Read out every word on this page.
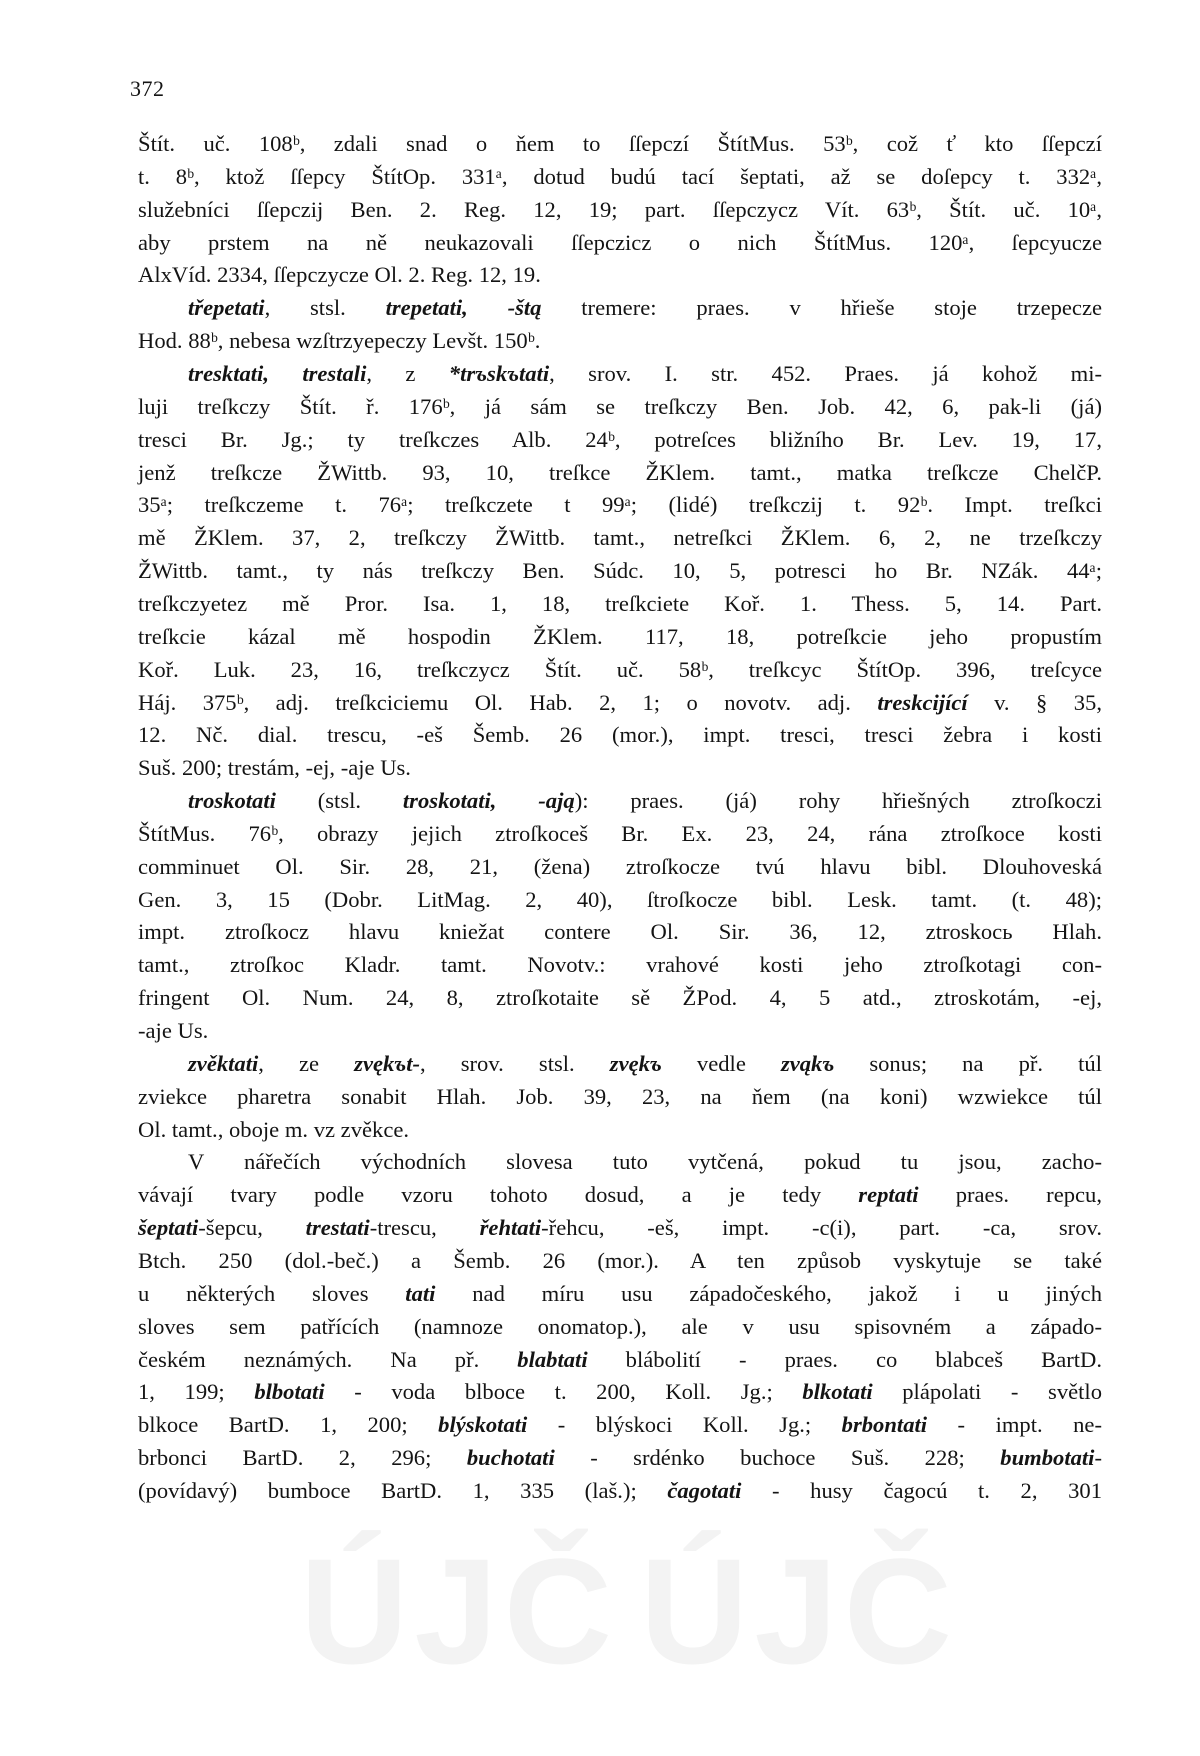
372
ÚJČ ÚJČ
Štít. uč. 108ᵇ, zdali snad o ňem to ſſepczí ŠtítMus. 53ᵇ, což ť kto ſſepczí
t. 8ᵇ, ktož ſſepcy ŠtítOp. 331ᵃ, dotud budú tací šeptati, až se doſepcy t. 332ᵃ,
služebníci ſſepczij Ben. 2. Reg. 12, 19; part. ſſepczycz Vít. 63ᵇ, Štít. uč. 10ᵃ,
aby prstem na ně neukazovali ſſepczicz o nich ŠtítMus. 120ᵃ, ſepcyucze
AlxVíd. 2334, ſſepczycze Ol. 2. Reg. 12, 19.
třepetati, stsl. trepetati, -štą tremere: praes. v hřieše stoje trzepecze
Hod. 88ᵇ, nebesa wzſtrzyepeczy Levšt. 150ᵇ.
tresktati, trestali, z *trъskъtati, srov. I. str. 452. Praes. já kohož mi-
luji treſkczy Štít. ř. 176ᵇ, já sám se treſkczy Ben. Job. 42, 6, pak-li (já)
tresci Br. Jg.; ty treſkczes Alb. 24ᵇ, potreſces bližního Br. Lev. 19, 17,
jenž treſkcze ŽWittb. 93, 10, treſkce ŽKlem. tamt., matka treſkcze ChelčP.
35ᵃ; treſkczeme t. 76ᵃ; treſkczete t 99ᵃ; (lidé) treſkczij t. 92ᵇ. Impt. treſkci
mě ŽKlem. 37, 2, treſkczy ŽWittb. tamt., netreſkci ŽKlem. 6, 2, ne trzeſkczy
ŽWittb. tamt., ty nás treſkczy Ben. Súdc. 10, 5, potresci ho Br. NZák. 44ᵃ;
treſkczyetez mě Pror. Isa. 1, 18, treſkciete Koř. 1. Thess. 5, 14. Part.
treſkcie kázal mě hospodin ŽKlem. 117, 18, potreſkcie jeho propustím
Koř. Luk. 23, 16, treſkczycz Štít. uč. 58ᵇ, treſkcyc ŠtítOp. 396, treſcyce
Háj. 375ᵇ, adj. treſkciciemu Ol. Hab. 2, 1; o novotv. adj. treskcijící v. § 35,
12. Nč. dial. trescu, -eš Šemb. 26 (mor.), impt. tresci, tresci žebra i kosti
Suš. 200; trestám, -ej, -aje Us.
troskotati (stsl. troskotati, -ają): praes. (já) rohy hřiešných ztroſkoczi
ŠtítMus. 76ᵇ, obrazy jejich ztroſkoceš Br. Ex. 23, 24, rána ztroſkoce kosti
comminuet Ol. Sir. 28, 21, (žena) ztroſkocze tvú hlavu bibl. Dlouhoveská
Gen. 3, 15 (Dobr. LitMag. 2, 40), ſtroſkocze bibl. Lesk. tamt. (t. 48);
impt. ztroſkocz hlavu kniežat contere Ol. Sir. 36, 12, ztroskocь Hlah.
tamt., ztroſkoc Kladr. tamt. Novotv.: vrahové kosti jeho ztroſkotagi con-
fringent Ol. Num. 24, 8, ztroſkotaite sě ŽPod. 4, 5 atd., ztroskotám, -ej,
-aje Us.
zvěktati, ze zvękъt-, srov. stsl. zvękъ vedle zvąkъ sonus; na př. túl
zviekce pharetra sonabit Hlah. Job. 39, 23, na ňem (na koni) wzwiekce túl
Ol. tamt., oboje m. vz zvěkce.
V nářečích východních slovesa tuto vytčená, pokud tu jsou, zacho-
vávají tvary podle vzoru tohoto dosud, a je tedy reptati praes. repcu,
šeptati-šepcu, trestati-trescu, řehtati-řehcu, -eš, impt. -c(i), part. -ca, srov.
Btch. 250 (dol.-beč.) a Šemb. 26 (mor.). A ten způsob vyskytuje se také
u některých sloves tati nad míru usu západočeského, jakož i u jiných
sloves sem patřících (namnoze onomatop.), ale v usu spisovném a západo-
českém neznámých. Na př. blabtati blábolití - praes. co blabceš BartD.
1, 199; blbotati - voda blboce t. 200, Koll. Jg.; blkotati plápolati - světlo
blkoce BartD. 1, 200; blýskotati - blýskoci Koll. Jg.; brbontati - impt. ne-
brbonci BartD. 2, 296; buchotati - srdénko buchoce Suš. 228; bumbotati-
(povídavý) bumboce BartD. 1, 335 (laš.); čagotati - husy čagocú t. 2, 301
